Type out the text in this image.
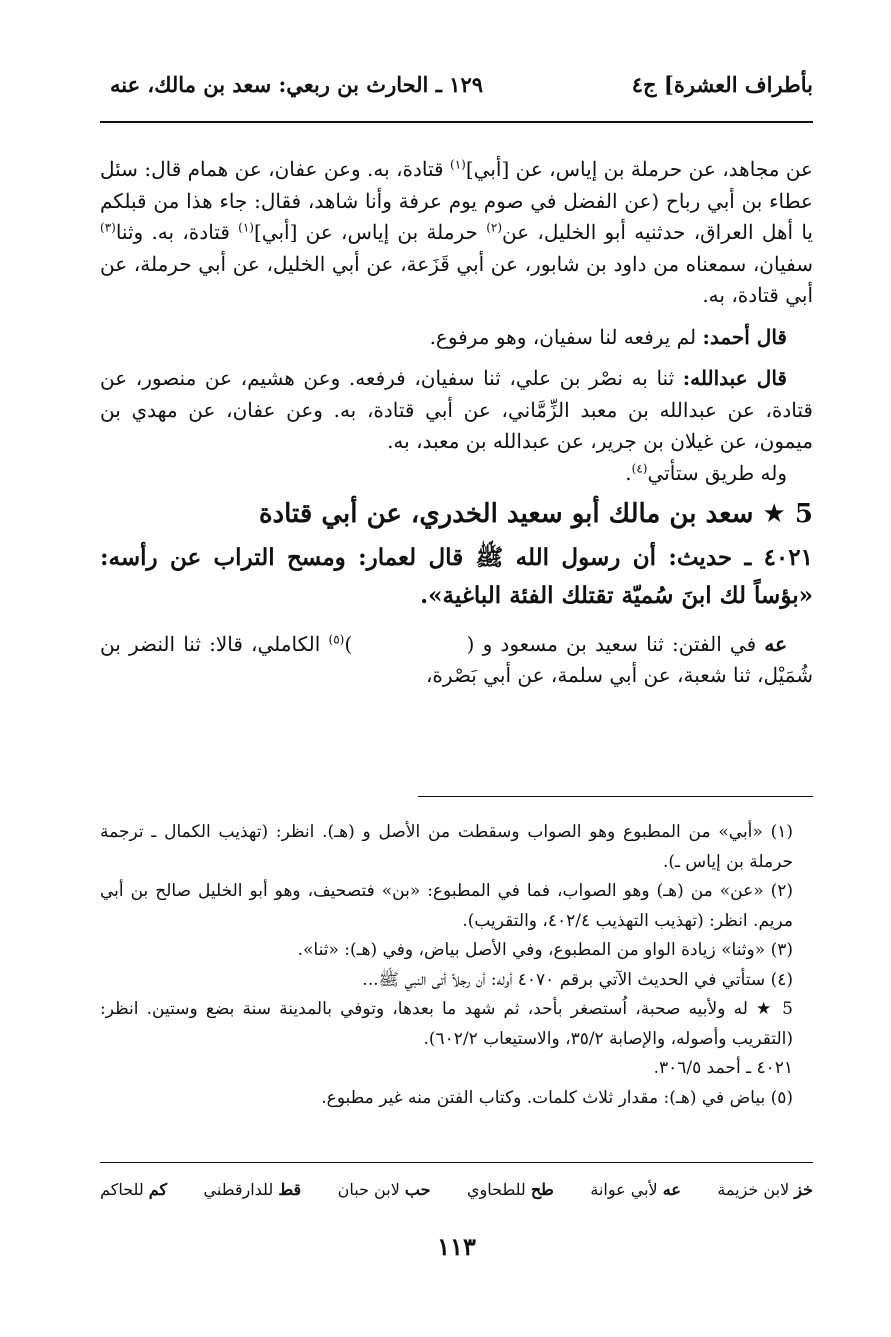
بأطراف العشرة] ج٤
١٢٩ ـ الحارث بن ربعي: سعد بن مالك، عنه

عن مجاهد، عن حرملة بن إياس، عن [أبي]$^{(١)}$ قتادة، به. وعن عفان، عن همام قال: سئل عطاء بن أبي رباح (عن الفضل في صوم يوم عرفة وأنا شاهد، فقال: جاء هذا من قبلكم يا أهل العراق، حدثنيه أبو الخليل، عن$^{(٢)}$ حرملة بن إياس، عن [أبي]$^{(١)}$ قتادة، به. وثنا$^{(٣)}$ سفيان، سمعناه من داود بن شابور، عن أبي قَزَعة، عن أبي الخليل، عن أبي حرملة، عن أبي قتادة، به.

قال أحمد: لم يرفعه لنا سفيان، وهو مرفوع.

قال عبدالله: ثنا به نصْر بن علي، ثنا سفيان، فرفعه. وعن هشيم، عن منصور، عن قتادة، عن عبدالله بن معبد الزِّمَّاني، عن أبي قتادة، به. وعن عفان، عن مهدي بن ميمون، عن غيلان بن جرير، عن عبدالله بن معبد، به.

وله طريق ستأتي$^{(٤)}$.

5 ★ سعد بن مالك أبو سعيد الخدري، عن أبي قتادة
٤٠٢١ ـ حديث: أن رسول الله ﷺ قال لعمار: ومسح التراب عن رأسه: «بؤساً لك ابنَ سُميّة تقتلك الفئة الباغية».

عه في الفتن: ثنا سعيد بن مسعود و (              )$^{(٥)}$ الكاملي، قالا: ثنا النضر بن شُمَيْل، ثنا شعبة، عن أبي سلمة، عن أبي بَصْرة،

(١) «أبي» من المطبوع وهو الصواب وسقطت من الأصل و (هـ). انظر: (تهذيب الكمال ـ ترجمة حرملة بن إياس ـ).

(٢) «عن» من (هـ) وهو الصواب، فما في المطبوع: «بن» فتصحيف، وهو أبو الخليل صالح بن أبي مريم. انظر: (تهذيب التهذيب ٤٠٢/٤، والتقريب).

(٣) «وثنا» زيادة الواو من المطبوع، وفي الأصل بياض، وفي (هـ): «ثنا».

(٤) ستأتي في الحديث الآتي برقم ٤٠٧٠ أوله: أن رجلاً أتى النبي ﷺ...

5 ★ له ولأبيه صحبة، اُستصغر بأحد، ثم شهد ما بعدها، وتوفي بالمدينة سنة بضع وستين. انظر: (التقريب وأصوله، والإصابة ٣٥/٢، والاستيعاب ٦٠٢/٢).

٤٠٢١ ـ أحمد ٣٠٦/٥.

(٥) بياض في (هـ): مقدار ثلاث كلمات. وكتاب الفتن منه غير مطبوع.

خز لابن خزيمة
عه لأبي عوانة
طح للطحاوي
حب لابن حبان
قط للدارقطني
كم للحاكم
١١٣
